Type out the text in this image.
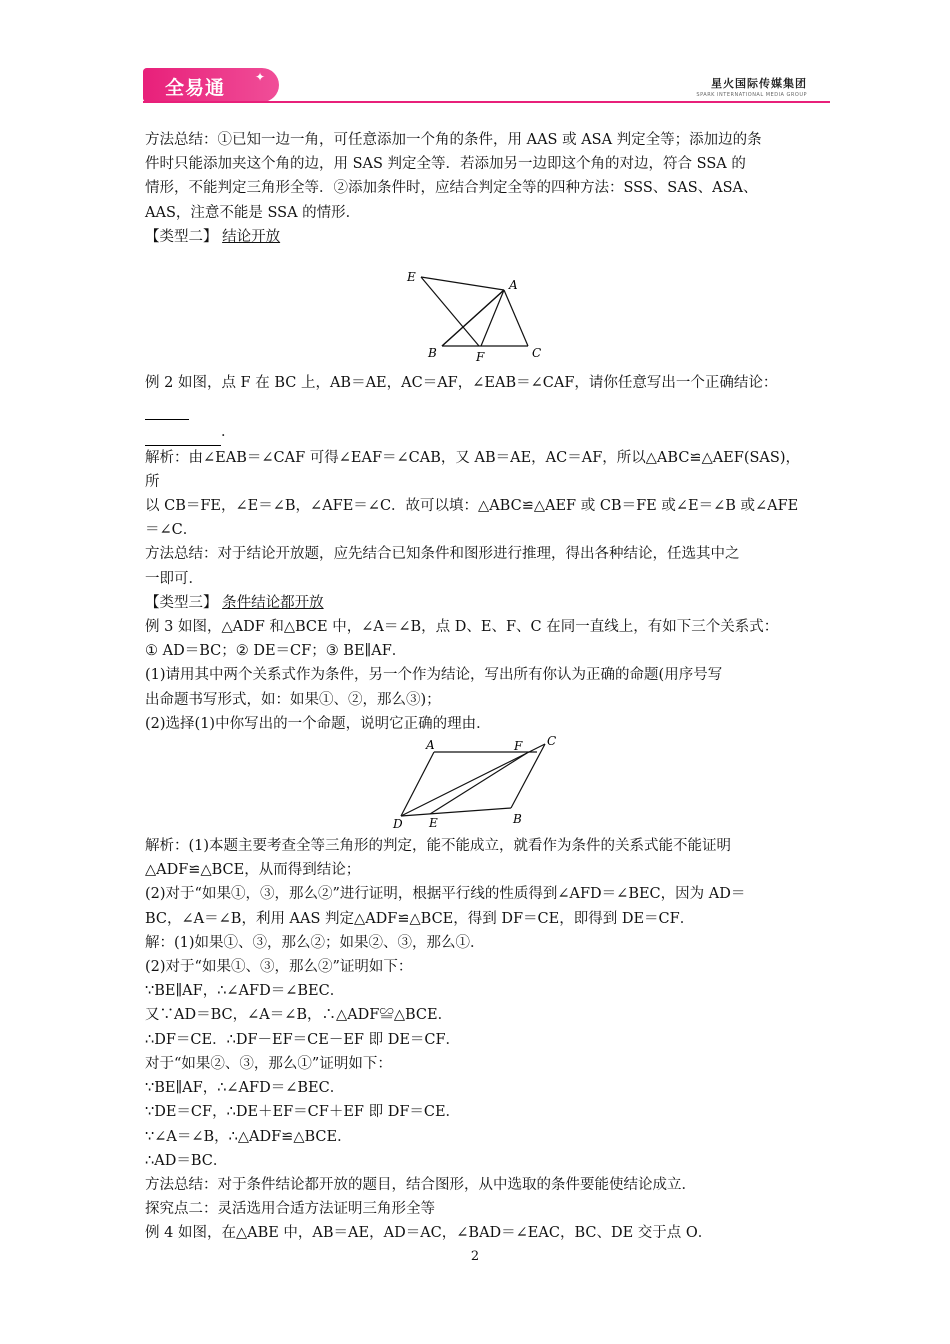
全易通 ✦	星火国际传媒集团
SPARK INTERNATIONAL MEDIA GROUP

方法总结：①已知一边一角，可任意添加一个角的条件，用 AAS 或 ASA 判定全等；添加边的条

件时只能添加夹这个角的边，用 SAS 判定全等．若添加另一边即这个角的对边，符合 SSA 的

情形，不能判定三角形全等．②添加条件时，应结合判定全等的四种方法：SSS、SAS、ASA、

AAS，注意不能是 SSA 的情形．

【类型二】 结论开放

E
A
B	F	C

例 2 如图，点 F 在 BC 上，AB＝AE，AC＝AF，∠EAB＝∠CAF，请你任意写出一个正确结论：

．

解析：由∠EAB＝∠CAF 可得∠EAF＝∠CAB，又 AB＝AE，AC＝AF，所以△ABC≌△AEF(SAS)，所

以 CB＝FE，∠E＝∠B，∠AFE＝∠C．故可以填：△ABC≌△AEF 或 CB＝FE 或∠E＝∠B 或∠AFE

＝∠C．

方法总结：对于结论开放题，应先结合已知条件和图形进行推理，得出各种结论，任选其中之

一即可．

【类型三】 条件结论都开放

例 3 如图，△ADF 和△BCE 中，∠A＝∠B，点 D、E、F、C 在同一直线上，有如下三个关系式：

① AD＝BC；② DE＝CF；③ BE∥AF．

(1)请用其中两个关系式作为条件，另一个作为结论，写出所有你认为正确的命题(用序号写

出命题书写形式，如：如果①、②，那么③)；

(2)选择(1)中你写出的一个命题，说明它正确的理由．

A	F C
D E	B

解析：(1)本题主要考查全等三角形的判定，能不能成立，就看作为条件的关系式能不能证明

△ADF≌△BCE，从而得到结论；

(2)对于“如果①，③，那么②”进行证明，根据平行线的性质得到∠AFD＝∠BEC，因为 AD＝

BC，∠A＝∠B，利用 AAS 判定△ADF≌△BCE，得到 DF＝CE，即得到 DE＝CF．

解：(1)如果①、③，那么②；如果②、③，那么①．

(2)对于“如果①、③，那么②”证明如下：

∵BE∥AF，∴∠AFD＝∠BEC．

又∵AD＝BC，∠A＝∠B，∴△ADF≌△BCE．

∴DF＝CE．∴DF－EF＝CE－EF 即 DE＝CF．

对于“如果②、③，那么①”证明如下：

∵BE∥AF，∴∠AFD＝∠BEC．

∵DE＝CF，∴DE＋EF＝CF＋EF 即 DF＝CE．

∵∠A＝∠B，∴△ADF≌△BCE．

∴AD＝BC．

方法总结：对于条件结论都开放的题目，结合图形，从中选取的条件要能使结论成立．

探究点二：灵活选用合适方法证明三角形全等

例 4 如图，在△ABE 中，AB＝AE，AD＝AC，∠BAD＝∠EAC，BC、DE 交于点 O．

2
